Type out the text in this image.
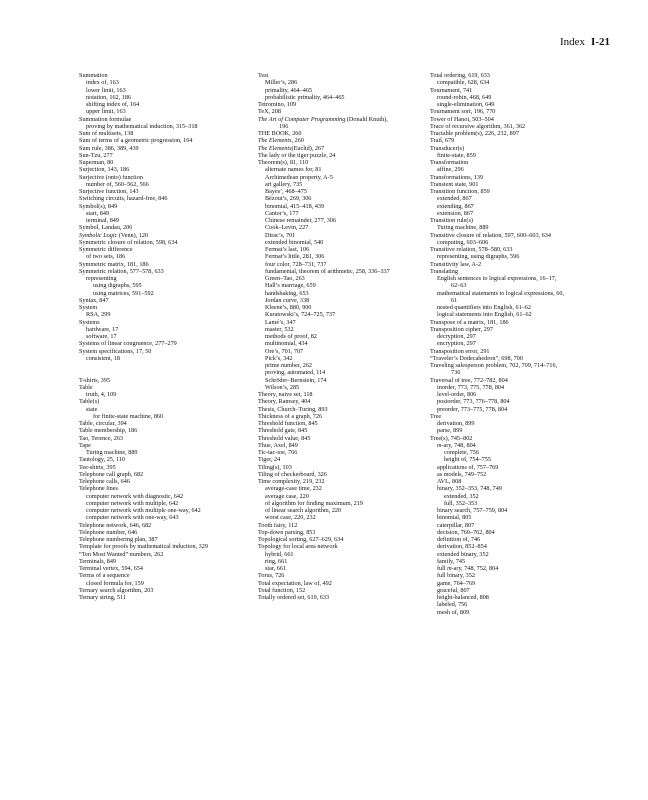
Index I-21
Summation
index of, 163
lower limit, 163
notation, 162, 186
shifting index of, 164
upper limit, 163
Summation formulae
proving by mathematical induction, 315–318
Sum of multisets, 138
Sum of terms of a geometric progression, 164
Sum rule, 386, 389, 439
Sun-Tzu, 277
Superman, 80
Surjection, 143, 186
Surjective (onto) function
number of, 560–562, 566
Surjective function, 143
Switching circuits, hazard-free, 846
Symbol(s), 849
start, 849
terminal, 849
Symbol, Landau, 206
Symbolic Logic (Venn), 120
Symmetric closure of relation, 598, 634
Symmetric difference
of two sets, 186
Symmetric matrix, 181, 186
Symmetric relation, 577–578, 633
representing
using digraphs, 595
using matrices, 591–592
Syntax, 847
System
RSA, 299
Systems
hardware, 17
software, 17
Systems of linear congruence, 277–279
System specifications, 17, 50
consistent, 18
T-shirts, 395
Table
truth, 4, 109
Table(s)
state
for finite-state machine, 860
Table, circular, 394
Table membership, 186
Tao, Terence, 263
Tape
Turing machine, 889
Tautology, 25, 110
Tee-shirts, 395
Telephone call graph, 682
Telephone calls, 646
Telephone lines
computer network with diagnostic, 642
computer network with multiple, 642
computer network with multiple one-way, 642
computer network with one-way, 643
Telephone network, 646, 682
Telephone number, 646
Telephone numbering plan, 387
Template for proofs by mathematical induction, 329
“Ten Most Wanted” numbers, 262
Terminals, 849
Terminal vertex, 594, 654
Terms of a sequence
closed formula for, 159
Ternary search algorithm, 203
Ternary string, 511
Test
Miller’s, 286
primality, 464–465
probabilistic primality, 464–465
Tetromino, 109
TeX, 208
The Art of Computer Programming (Donald Knuth),
196
THE BOOK, 260
The Elements, 260
The Elements(Euclid), 267
The lady or the tiger puzzle, 24
Theorem(s), 81, 110
alternate names for, 81
Archimedean property, A-5
art gallery, 735
Bayes’, 468–475
Bézout’s, 269, 306
binomial, 415–418, 439
Cantor’s, 177
Chinese remainder, 277, 306
Cook–Levin, 227
Dirac’s, 701
extended binomial, 540
Fermat’s last, 106
Fermat’s little, 281, 306
four color, 728–731, 737
fundamental, theorem of arithmetic, 258, 336–337
Green–Tao, 263
Hall’s marriage, 659
handshaking, 653
Jordan curve, 338
Kleene’s, 880, 900
Kuratowski’s, 724–725, 737
Lamé’s, 347
master, 532
methods of proof, 82
multinomial, 434
Ore’s, 701, 707
Pick’s, 342
prime number, 262
proving, automated, 114
Schröder–Bernstein, 174
Wilson’s, 285
Theory, naive set, 118
Theory, Ramsey, 404
Thesis, Church–Turing, 893
Thickness of a graph, 726
Threshold function, 845
Threshold gate, 845
Threshold value, 845
Thue, Axel, 849
Tic-tac-toe, 766
Tiger, 24
Tiling(s), 103
Tiling of checkerboard, 326
Time complexity, 219, 232
average-case time, 232
average case, 220
of algorithm for finding maximum, 219
of linear search algorithm, 220
worst case, 220, 232
Tooth fairy, 112
Top-down parsing, 853
Topological sorting, 627–629, 634
Topology for local area network
hybrid, 661
ring, 661
star, 661
Torus, 726
Total expectation, law of, 492
Total function, 152
Totally ordered set, 619, 633
Total ordering, 619, 633
compatible, 628, 634
Tournament, 741
round-robin, 468, 649
single-elimination, 649
Tournament sort, 196, 770
Tower of Hanoi, 503–504
Trace of recursive algorithm, 361, 362
Tractable problem(s), 226, 232, 897
Trail, 679
Transducer(s)
finite-state, 859
Transformation
affine, 296
Transformations, 139
Transient state, 901
Transition function, 859
extended, 867
extending, 867
extension, 867
Transition rule(s)
Turing machine, 889
Transitive closure of relation, 597, 600–603, 634
computing, 603–606
Transitive relation, 578–580, 633
representing, using digraphs, 596
Transitivity law, A-2
Translating
English sentences to logical expressions, 16–17,
62–63
mathematical statements to logical expressions, 60,
61
nested quantifiers into English, 61–62
logical statements into English, 61–62
Transpose of a matrix, 181, 186
Transposition cipher, 297
decryption, 297
encryption, 297
Transposition error, 291
“Traveler’s Dodecahedron”, 698, 700
Traveling salesperson problem, 702, 709, 714–716,
736
Traversal of tree, 772–782, 804
inorder, 773, 775, 778, 804
level-order, 806
postorder, 773, 776–778, 804
preorder, 773–775, 778, 804
Tree
derivation, 899
parse, 899
Tree(s), 745–802
m-ary, 748, 804
complete, 756
height of, 754–755
applications of, 757–769
as models, 749–752
AVL, 808
binary, 352–353, 748, 749
extended, 352
full, 352–353
binary search, 757–759, 804
binomial, 805
caterpillar, 807
decision, 760–762, 804
definition of, 746
derivation, 852–854
extended binary, 352
family, 745
full m-ary, 748, 752, 804
full binary, 352
game, 764–769
graceful, 807
height-balanced, 808
labeled, 756
mesh of, 809
